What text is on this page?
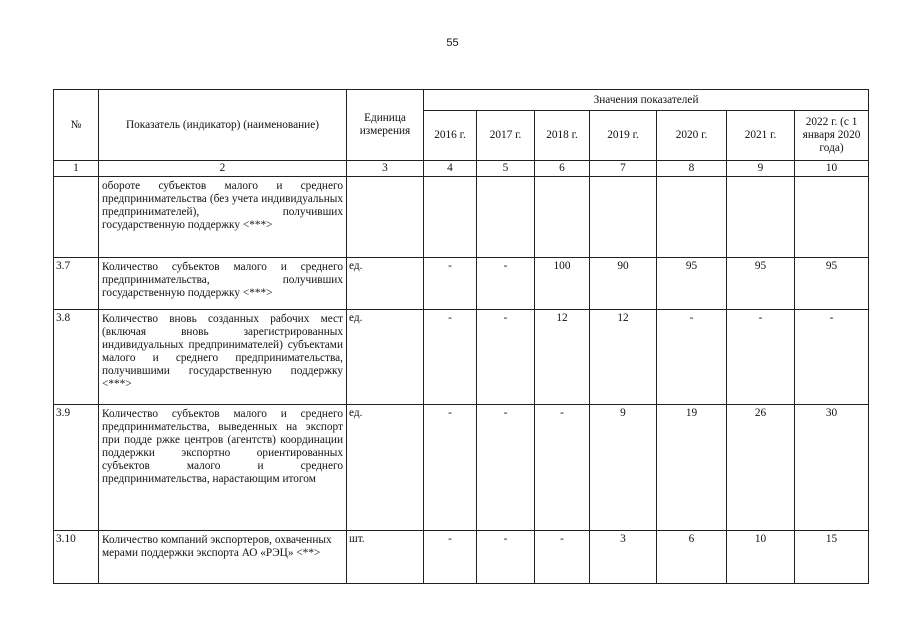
55
№	Показатель (индикатор) (наименование)	Единица измерения	Значения показателей						
			2016 г.	2017 г.	2018 г.	2019 г.	2020 г.	2021 г.	2022 г. (с 1 января 2020 года)
1	2	3	4	5	6	7	8	9	10
	обороте субъектов малого и среднего предпринимательства (без учета индивидуальных предпринимателей), получивших государственную поддержку <***>								
3.7	Количество субъектов малого и среднего предпринимательства, получивших государственную поддержку <***>	ед.	-	-	100	90	95	95	95
3.8	Количество вновь созданных рабочих мест (включая вновь зарегистрированных индивидуальных предпринимателей) субъектами малого и среднего предпринимательства, получившими государственную поддержку <***>	ед.	-	-	12	12	-	-	-
3.9	Количество субъектов малого и среднего предпринимательства, выведенных на экспорт при подде ржке центров (агентств) координации поддержки экспортно ориентированных субъектов малого и среднего предпринимательства, нарастающим итогом	ед.	-	-	-	9	19	26	30
3.10	Количество компаний экспортеров, охваченных мерами поддержки экспорта АО «РЭЦ» <**>	шт.	-	-	-	3	6	10	15
